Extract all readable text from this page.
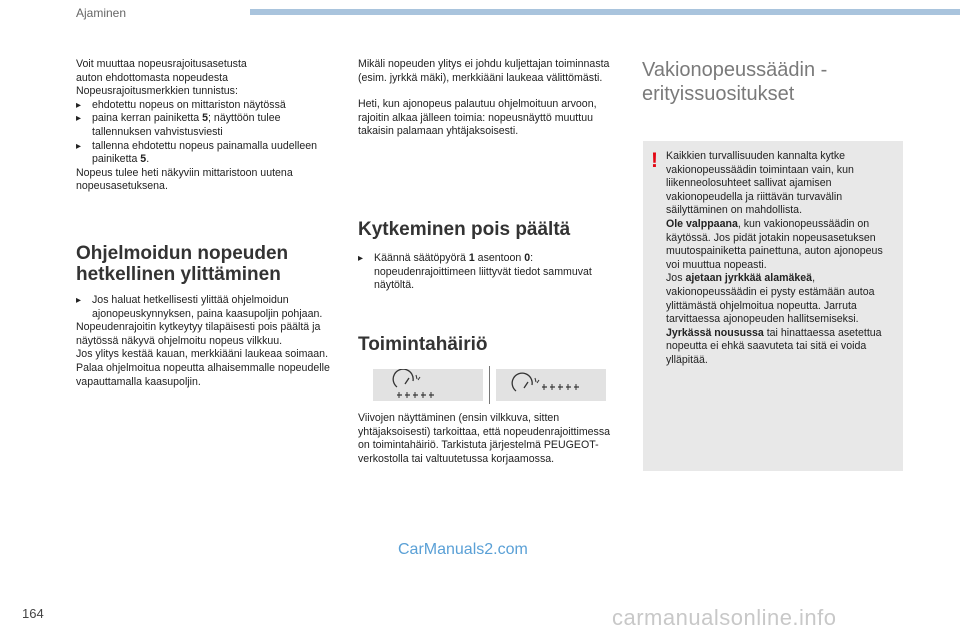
Ajaminen

Voit muuttaa nopeusrajoitusasetusta

auton ehdottomasta nopeudesta

Nopeusrajoitusmerkkien tunnistus:

▸	ehdotettu nopeus on mittariston näytössä
▸	paina kerran painiketta 5; näyttöön tulee tallennuksen vahvistusviesti
▸	tallenna ehdotettu nopeus painamalla uudelleen painiketta 5.

Nopeus tulee heti näkyviin mittaristoon uutena nopeusasetuksena.

Ohjelmoidun nopeuden hetkellinen ylittäminen
▸	Jos haluat hetkellisesti ylittää ohjelmoidun ajonopeuskynnyksen, paina kaasupoljin pohjaan.

Nopeudenrajoitin kytkeytyy tilapäisesti pois päältä ja näytössä näkyvä ohjelmoitu nopeus vilkkuu.

Jos ylitys kestää kauan, merkkiääni laukeaa soimaan.

Palaa ohjelmoitua nopeutta alhaisemmalle nopeudelle vapauttamalla kaasupoljin.

Mikäli nopeuden ylitys ei johdu kuljettajan toiminnasta (esim. jyrkkä mäki), merkkiääni laukeaa välittömästi.

Heti, kun ajonopeus palautuu ohjelmoituun arvoon, rajoitin alkaa jälleen toimia: nopeusnäyttö muuttuu takaisin palamaan yhtäjaksoisesti.

Kytkeminen pois päältä
▸	Käännä säätöpyörä 1 asentoon 0: nopeudenrajoittimeen liittyvät tiedot sammuvat näytöltä.
Toimintahäiriö

Viivojen näyttäminen (ensin vilkkuva, sitten yhtäjaksoisesti) tarkoittaa, että nopeudenrajoittimessa on toimintahäiriö. Tarkistuta järjestelmä PEUGEOT-verkostolla tai valtuutetussa korjaamossa.

Vakionopeussäädin - erityissuositukset
! Kaikkien turvallisuuden kannalta kytke vakionopeussäädin toimintaan vain, kun liikenneolosuhteet sallivat ajamisen vakionopeudella ja riittävän turvavälin säilyttäminen on mahdollista.

Ole valppaana, kun vakionopeussäädin on käytössä. Jos pidät jotakin nopeusasetuksen muutospainiketta painettuna, auton ajonopeus voi muuttua nopeasti.

Jos ajetaan jyrkkää alamäkeä, vakionopeussäädin ei pysty estämään autoa ylittämästä ohjelmoitua nopeutta. Jarruta tarvittaessa ajonopeuden hallitsemiseksi.

Jyrkässä nousussa tai hinattaessa asetettua nopeutta ei ehkä saavuteta tai sitä ei voida ylläpitää.

CarManuals2.com
164	carmanualsonline.info
